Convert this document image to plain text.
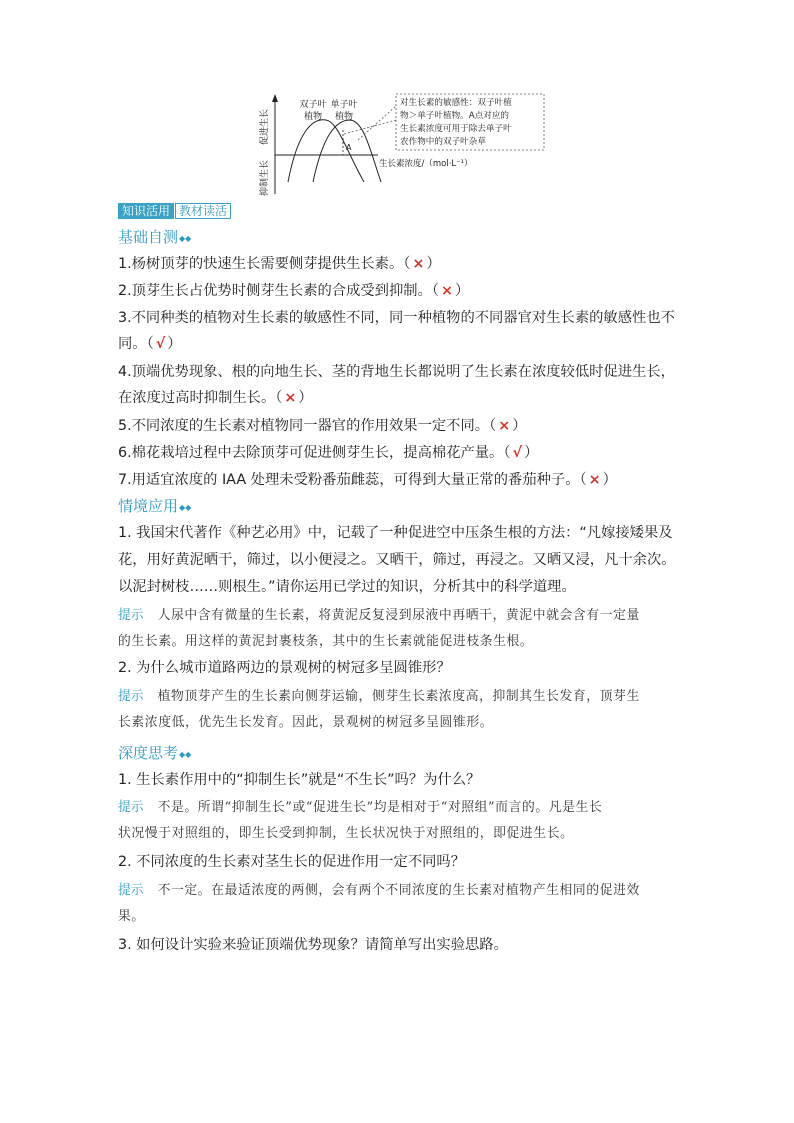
促进生长
抑制生长
A
双子叶
植物
单子叶
植物
生长素浓度/（mol·L⁻¹）
对生长素的敏感性：双子叶植
物＞单子叶植物。A点对应的
生长素浓度可用于除去单子叶
农作物中的双子叶杂草
知识活用 教材读活
基础自测◆◆
1.杨树顶芽的快速生长需要侧芽提供生长素。（ × ）
2.顶芽生长占优势时侧芽生长素的合成受到抑制。（ × ）
3.不同种类的植物对生长素的敏感性不同，同一种植物的不同器官对生长素的敏感性也不
同。（ √ ）
4.顶端优势现象、根的向地生长、茎的背地生长都说明了生长素在浓度较低时促进生长，
在浓度过高时抑制生长。（ × ）
5.不同浓度的生长素对植物同一器官的作用效果一定不同。（ × ）
6.棉花栽培过程中去除顶芽可促进侧芽生长，提高棉花产量。（ √ ）
7.用适宜浓度的 IAA 处理未受粉番茄雌蕊，可得到大量正常的番茄种子。（ × ）
情境应用◆◆
1. 我国宋代著作《种艺必用》中，记载了一种促进空中压条生根的方法：“凡嫁接矮果及
花，用好黄泥晒干，筛过，以小便浸之。又晒干，筛过，再浸之。又晒又浸，凡十余次。
以泥封树枝……则根生。”请你运用已学过的知识，分析其中的科学道理。
提示 人尿中含有微量的生长素，将黄泥反复浸到尿液中再晒干，黄泥中就会含有一定量
的生长素。用这样的黄泥封裹枝条，其中的生长素就能促进枝条生根。
2. 为什么城市道路两边的景观树的树冠多呈圆锥形？
提示 植物顶芽产生的生长素向侧芽运输，侧芽生长素浓度高，抑制其生长发育，顶芽生
长素浓度低，优先生长发育。因此，景观树的树冠多呈圆锥形。
深度思考◆◆
1. 生长素作用中的“抑制生长”就是“不生长”吗？为什么？
提示 不是。所谓“抑制生长”或“促进生长”均是相对于“对照组”而言的。凡是生长
状况慢于对照组的，即生长受到抑制，生长状况快于对照组的，即促进生长。
2. 不同浓度的生长素对茎生长的促进作用一定不同吗？
提示 不一定。在最适浓度的两侧，会有两个不同浓度的生长素对植物产生相同的促进效
果。
3. 如何设计实验来验证顶端优势现象？请简单写出实验思路。
